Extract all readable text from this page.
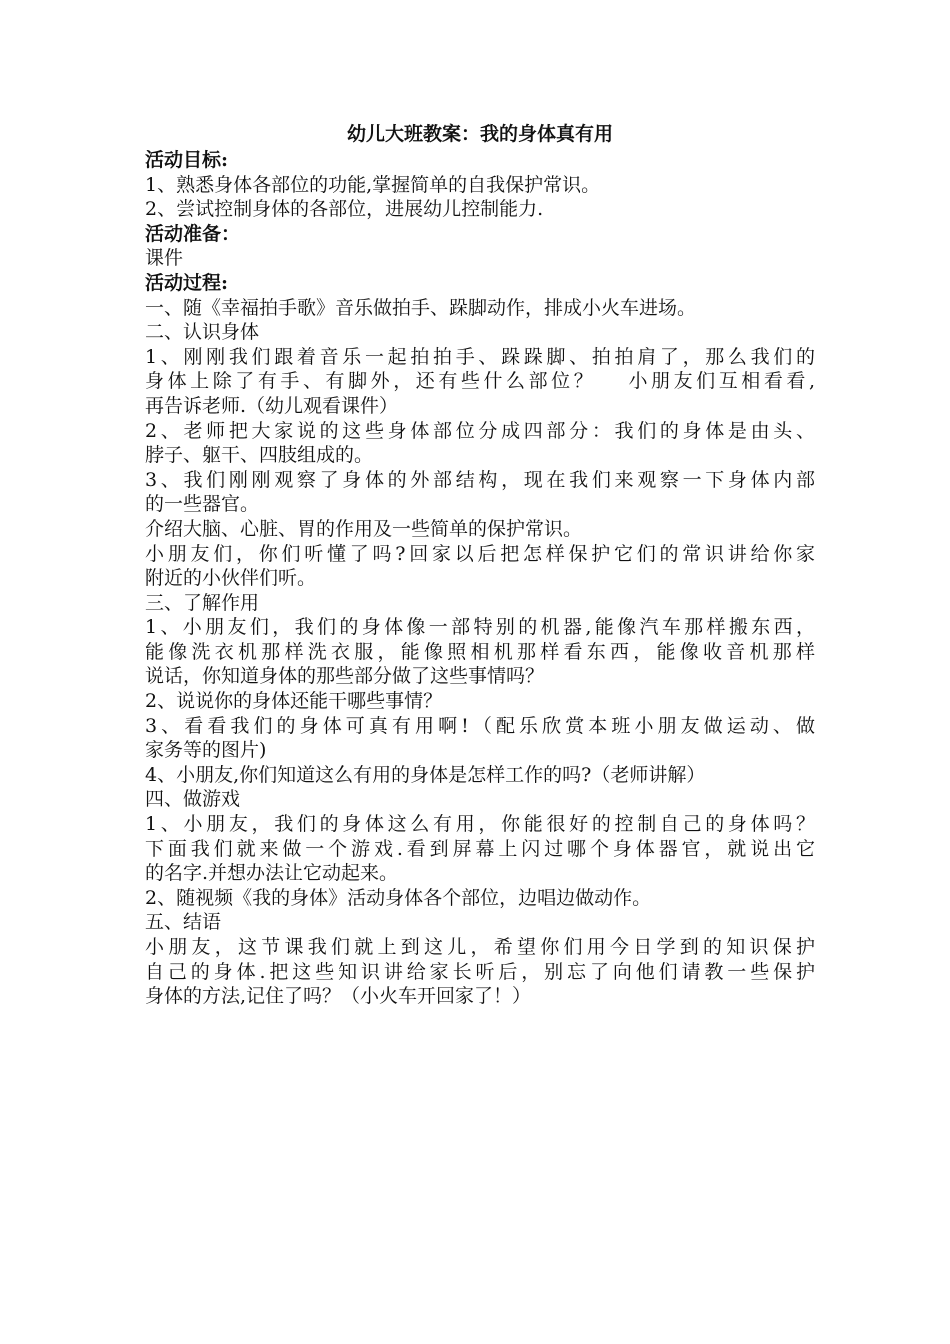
幼儿大班教案：我的身体真有用

活动目标:

1、熟悉身体各部位的功能,掌握简单的自我保护常识。

2、尝试控制身体的各部位，进展幼儿控制能力.

活动准备：

课件

活动过程:

一、随《幸福拍手歌》音乐做拍手、跺脚动作，排成小火车进场。

二、认识身体

1、刚刚我们跟着音乐一起拍拍手、跺跺脚、拍拍肩了，那么我们的

身体上除了有手、有脚外，还有些什么部位？　 小朋友们互相看看,

再告诉老师.（幼儿观看课件）

2、老师把大家说的这些身体部位分成四部分：我们的身体是由头、

脖子、躯干、四肢组成的。

3、我们刚刚观察了身体的外部结构，现在我们来观察一下身体内部

的一些器官。

介绍大脑、心脏、胃的作用及一些简单的保护常识。

小朋友们，你们听懂了吗?回家以后把怎样保护它们的常识讲给你家

附近的小伙伴们听。

三、了解作用

1、小朋友们，我们的身体像一部特别的机器,能像汽车那样搬东西，

能像洗衣机那样洗衣服，能像照相机那样看东西，能像收音机那样

说话，你知道身体的那些部分做了这些事情吗？

2、说说你的身体还能干哪些事情？

3、看看我们的身体可真有用啊!（配乐欣赏本班小朋友做运动、做

家务等的图片)

4、小朋友,你们知道这么有用的身体是怎样工作的吗?（老师讲解）

四、做游戏

1、小朋友，我们的身体这么有用，你能很好的控制自己的身体吗？

下面我们就来做一个游戏.看到屏幕上闪过哪个身体器官，就说出它

的名字.并想办法让它动起来。

2、随视频《我的身体》活动身体各个部位，边唱边做动作。

五、结语

小朋友，这节课我们就上到这儿，希望你们用今日学到的知识保护

自己的身体.把这些知识讲给家长听后，别忘了向他们请教一些保护

身体的方法,记住了吗？（小火车开回家了！）
